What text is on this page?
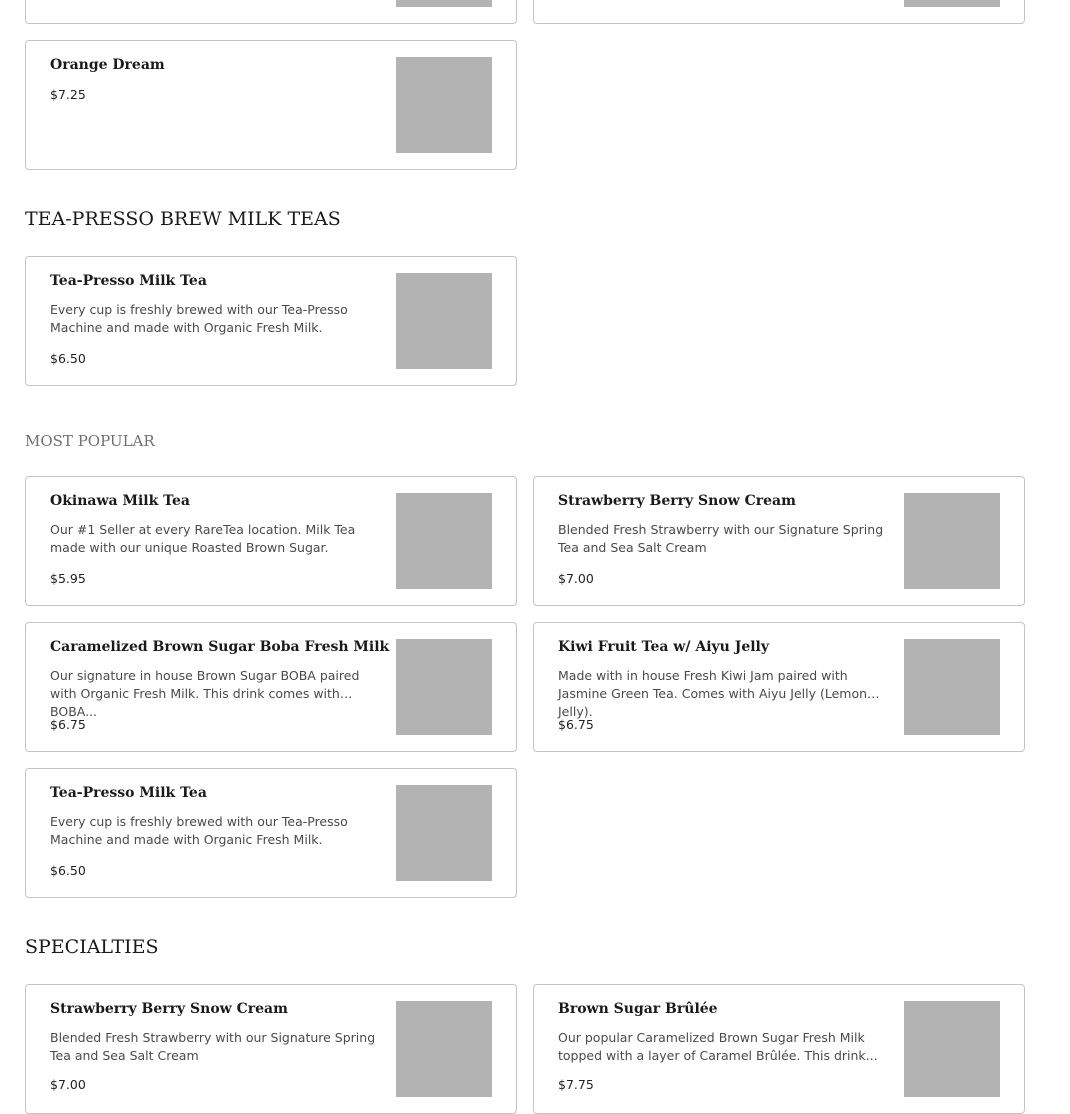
Orange Dream
$7.25
TEA-PRESSO BREW MILK TEAS
Tea-Presso Milk Tea
Every cup is freshly brewed with our Tea-Presso Machine and made with Organic Fresh Milk.
$6.50
MOST POPULAR
Okinawa Milk Tea
Our #1 Seller at every RareTea location. Milk Tea made with our unique Roasted Brown Sugar.
$5.95
Strawberry Berry Snow Cream
Blended Fresh Strawberry with our Signature Spring Tea and Sea Salt Cream
$7.00
Caramelized Brown Sugar Boba Fresh Milk
Our signature in house Brown Sugar BOBA paired with Organic Fresh Milk. This drink comes with BOBA...
$6.75
Kiwi Fruit Tea w/ Aiyu Jelly
Made with in house Fresh Kiwi Jam paired with Jasmine Green Tea. Comes with Aiyu Jelly (Lemon Jelly).
$6.75
Tea-Presso Milk Tea
Every cup is freshly brewed with our Tea-Presso Machine and made with Organic Fresh Milk.
$6.50
SPECIALTIES
Strawberry Berry Snow Cream
Blended Fresh Strawberry with our Signature Spring Tea and Sea Salt Cream
$7.00
Brown Sugar Brûlée
Our popular Caramelized Brown Sugar Fresh Milk topped with a layer of Caramel Brûlée. This drink...
$7.75
